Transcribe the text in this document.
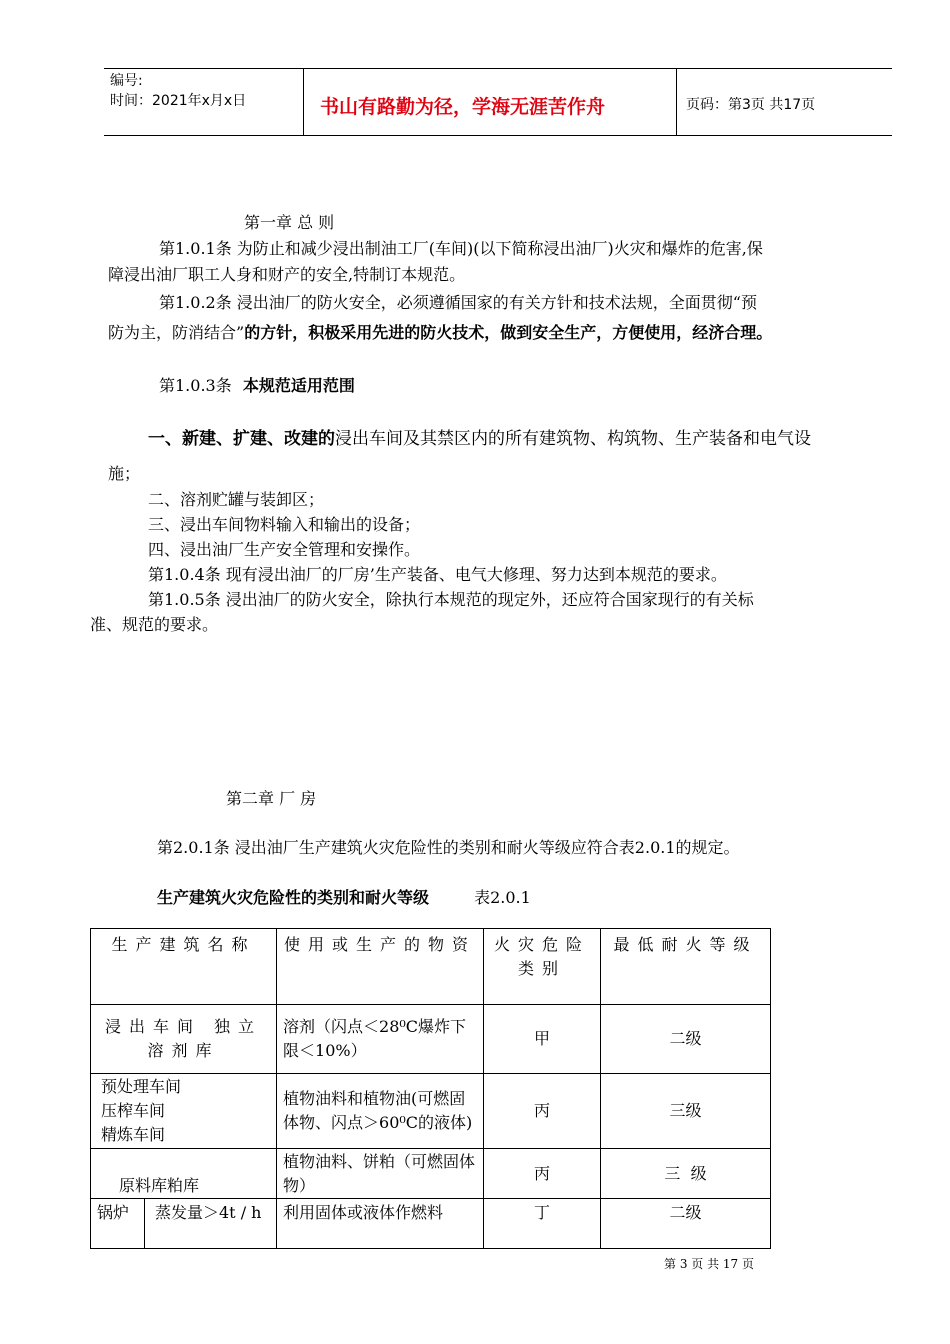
编号:
时间：2021年x月x日	书山有路勤为径，学海无涯苦作舟	页码：第3页 共17页
第一章 总 则
第1.0.1条 为防止和减少浸出制油工厂(车间)(以下简称浸出油厂)火灾和爆炸的危害,保
障浸出油厂职工人身和财产的安全,特制订本规范。
第1.0.2条 浸出油厂的防火安全，必须遵循国家的有关方针和技术法规，全面贯彻“预
防为主，防消结合”的方针，积极采用先进的防火技术，做到安全生产，方便使用，经济合理。
第1.0.3条 本规范适用范围
一、新建、扩建、改建的浸出车间及其禁区内的所有建筑物、构筑物、生产装备和电气设
施；
二、溶剂贮罐与装卸区；
三、浸出车间物料输入和输出的设备；
四、浸出油厂生产安全管理和安操作。
第1.0.4条 现有浸出油厂的厂房’生产装备、电气大修理、努力达到本规范的要求。
第1.0.5条 浸出油厂的防火安全，除执行本规范的现定外，还应符合国家现行的有关标
准、规范的要求。
第二章 厂 房
第2.0.1条 浸出油厂生产建筑火灾危险性的类别和耐火等级应符合表2.0.1的规定。
生产建筑火灾危险性的类别和耐火等级	表2.0.1
生产建筑名称		使用或生产的物资	火灾危险类别	最低耐火等级
浸出车间 独立溶剂库		溶剂（闪点＜28⁰C爆炸下限＜10%）	甲	二级

预处理车间
压榨车间
精炼车间		植物油料和植物油(可燃固体物、闪点＞60⁰C的液体)	丙	三级
原料库粕库		植物油料、饼粕（可燃固体物）	丙	三  级
锅炉	蒸发量＞4t / h	利用固体或液体作燃料	丁	二级
第 3 页 共 17 页
